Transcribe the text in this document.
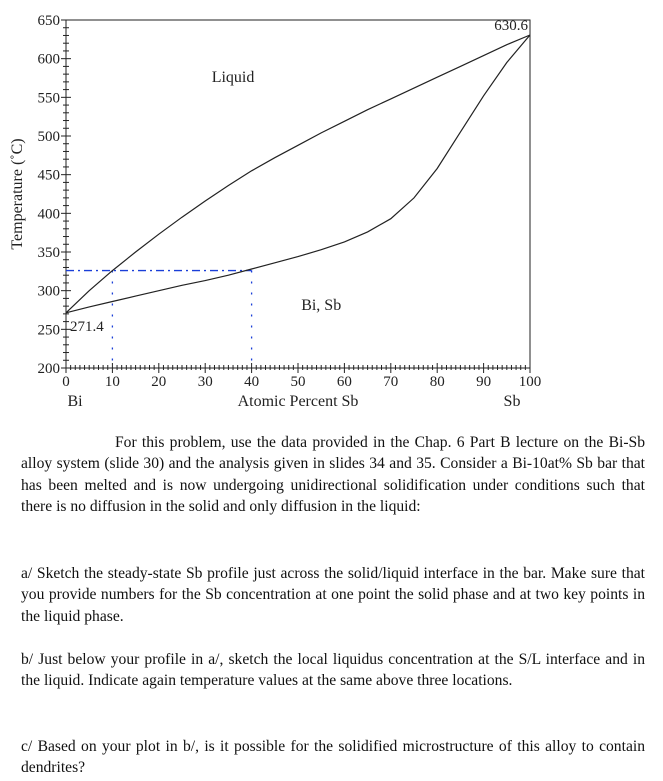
200
250
300
350
400
450
500
550
600
650
0 10 20 30 40 50 60 70 80 90 100
Temperature (˚C)
Atomic Percent Sb
Bi	Sb
Liquid
Bi, Sb
271.4
630.6

For this problem, use the data provided in the Chap. 6 Part B lecture on the Bi-Sb alloy system (slide 30) and the analysis given in slides 34 and 35. Consider a Bi-10at% Sb bar that has been melted and is now undergoing unidirectional solidification under conditions such that there is no diffusion in the solid and only diffusion in the liquid:

a/ Sketch the steady-state Sb profile just across the solid/liquid interface in the bar. Make sure that you provide numbers for the Sb concentration at one point the solid phase and at two key points in the liquid phase.

b/ Just below your profile in a/, sketch the local liquidus concentration at the S/L interface and in the liquid. Indicate again temperature values at the same above three locations.

c/ Based on your plot in b/, is it possible for the solidified microstructure of this alloy to contain dendrites?
